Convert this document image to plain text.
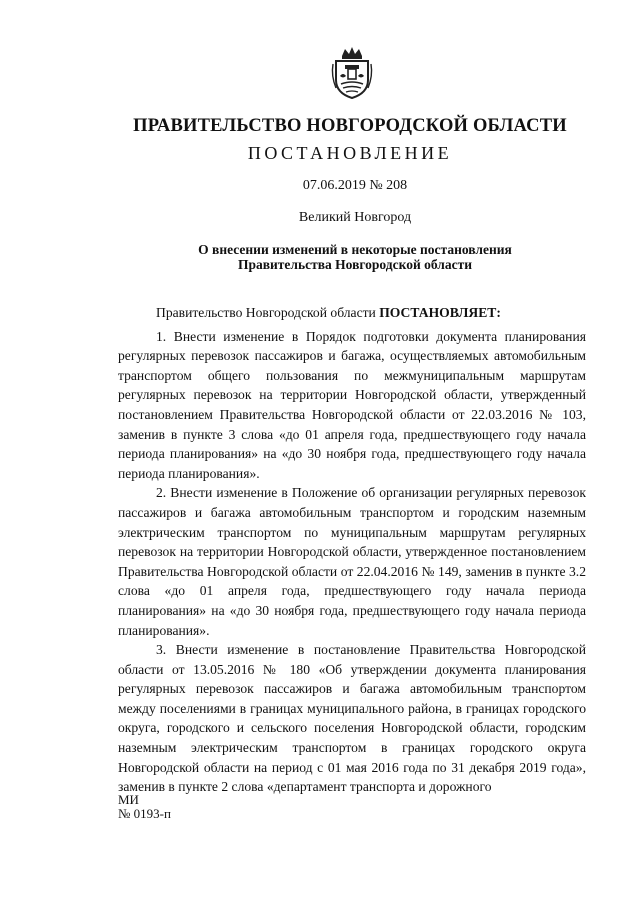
ПРАВИТЕЛЬСТВО НОВГОРОДСКОЙ ОБЛАСТИ
ПОСТАНОВЛЕНИЕ
07.06.2019 № 208
Великий Новгород
О внесении изменений в некоторые постановления
Правительства Новгородской области

Правительство Новгородской области ПОСТАНОВЛЯЕТ:

1. Внести изменение в Порядок подготовки документа планирования регулярных перевозок пассажиров и багажа, осуществляемых автомобильным транспортом общего пользования по межмуниципальным маршрутам регулярных перевозок на территории Новгородской области, утвержденный постановлением Правительства Новгородской области от 22.03.2016 № 103, заменив в пункте 3 слова «до 01 апреля года, предшествующего году начала периода планирования» на «до 30 ноября года, предшествующего году начала периода планирования».

2. Внести изменение в Положение об организации регулярных перевозок пассажиров и багажа автомобильным транспортом и городским наземным электрическим транспортом по муниципальным маршрутам регулярных перевозок на территории Новгородской области, утвержденное постановлением Правительства Новгородской области от 22.04.2016 № 149, заменив в пункте 3.2 слова «до 01 апреля года, предшествующего году начала периода планирования» на «до 30 ноября года, предшествующего году начала периода планирования».

3. Внести изменение в постановление Правительства Новгородской области от 13.05.2016 № 180 «Об утверждении документа планирования регулярных перевозок пассажиров и багажа автомобильным транспортом между поселениями в границах муниципального района, в границах городского округа, городского и сельского поселения Новгородской области, городским наземным электрическим транспортом в границах городского округа Новгородской области на период с 01 мая 2016 года по 31 декабря 2019 года», заменив в пункте 2 слова «департамент транспорта и дорожного

МИ
№ 0193-п
